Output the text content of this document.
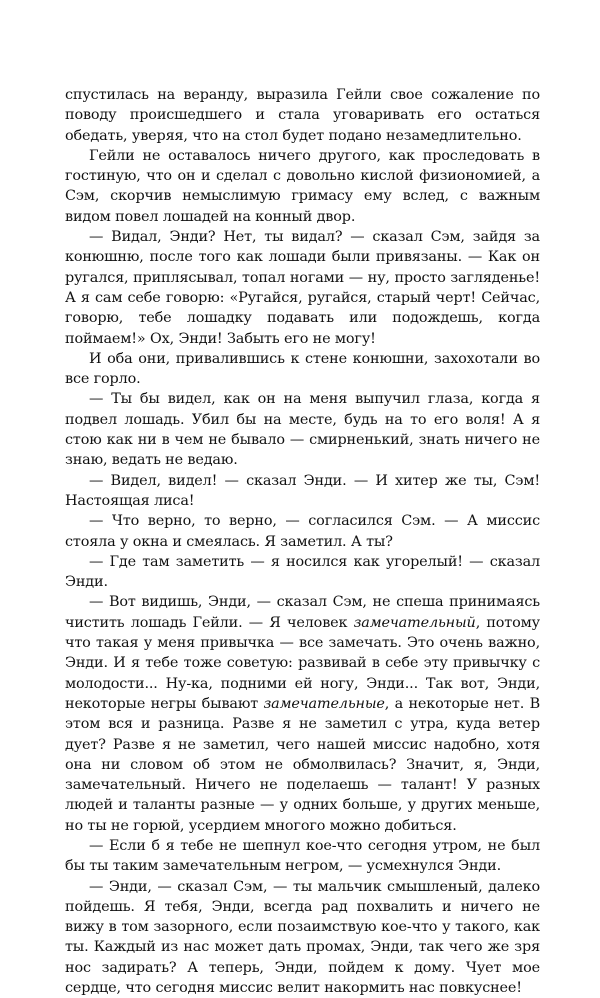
спустилась на веранду, выразила Гейли свое сожаление по поводу происшедшего и стала уговаривать его остаться обедать, уверяя, что на стол будет подано незамедлительно.

Гейли не оставалось ничего другого, как проследовать в гостиную, что он и сделал с довольно кислой физиономией, а Сэм, скорчив немыслимую гримасу ему вслед, с важным видом повел лошадей на конный двор.

— Видал, Энди? Нет, ты видал? — сказал Сэм, зайдя за конюшню, после того как лошади были привязаны. — Как он ругался, приплясывал, топал ногами — ну, просто загляденье! А я сам себе говорю: «Ругайся, ругайся, старый черт! Сейчас, говорю, тебе лошадку подавать или подождешь, когда поймаем!» Ох, Энди! Забыть его не могу!

И оба они, привалившись к стене конюшни, захохотали во все горло.

— Ты бы видел, как он на меня выпучил глаза, когда я подвел лошадь. Убил бы на месте, будь на то его воля! А я стою как ни в чем не бывало — смирненький, знать ничего не знаю, ведать не ведаю.

— Видел, видел! — сказал Энди. — И хитер же ты, Сэм! Настоящая лиса!

— Что верно, то верно, — согласился Сэм. — А миссис стояла у окна и смеялась. Я заметил. А ты?

— Где там заметить — я носился как угорелый! — сказал Энди.

— Вот видишь, Энди, — сказал Сэм, не спеша принимаясь чистить лошадь Гейли. — Я человек замечательный, потому что такая у меня привычка — все замечать. Это очень важно, Энди. И я тебе тоже советую: развивай в себе эту привычку с молодости... Ну-ка, подними ей ногу, Энди... Так вот, Энди, некоторые негры бывают замечательные, а некоторые нет. В этом вся и разница. Разве я не заметил с утра, куда ветер дует? Разве я не заметил, чего нашей миссис надобно, хотя она ни словом об этом не обмолвилась? Значит, я, Энди, замечательный. Ничего не поделаешь — талант! У разных людей и таланты разные — у одних больше, у других меньше, но ты не горюй, усердием многого можно добиться.

— Если б я тебе не шепнул кое-что сегодня утром, не был бы ты таким замечательным негром, — усмехнулся Энди.

— Энди, — сказал Сэм, — ты мальчик смышленый, далеко пойдешь. Я тебя, Энди, всегда рад похвалить и ничего не вижу в том зазорного, если позаимствую кое-что у такого, как ты. Каждый из нас может дать промах, Энди, так чего же зря нос задирать? А теперь, Энди, пойдем к дому. Чует мое сердце, что сегодня миссис велит накормить нас повкуснее!
